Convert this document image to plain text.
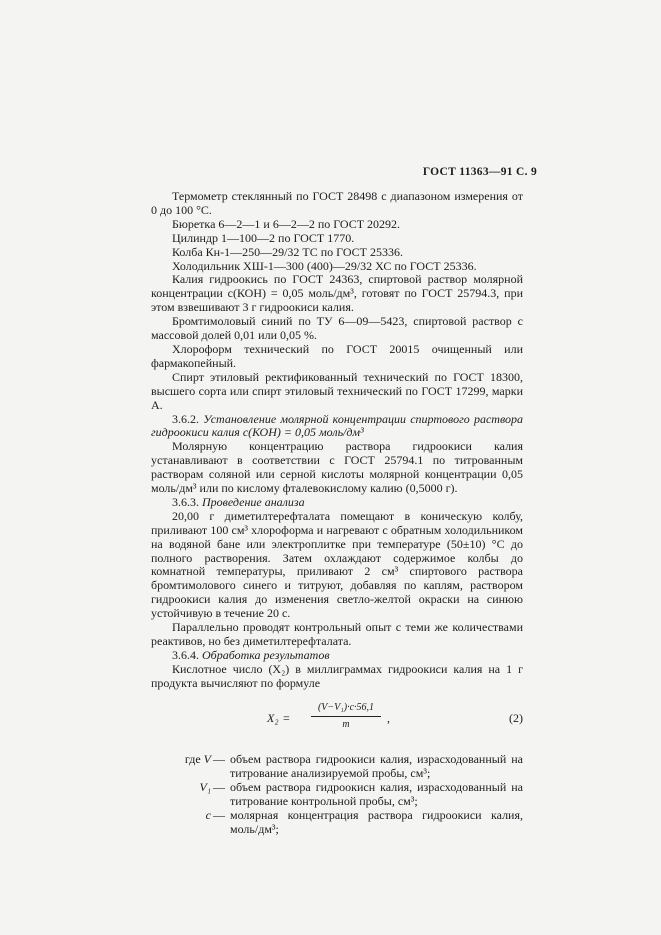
ГОСТ 11363—91 С. 9

Термометр стеклянный по ГОСТ 28498 с диапазоном измерения от 0 до 100 °С.

Бюретка 6—2—1 и 6—2—2 по ГОСТ 20292.

Цилиндр 1—100—2 по ГОСТ 1770.

Колба Кн-1—250—29/32 ТС по ГОСТ 25336.

Холодильник ХШ-1—300 (400)—29/32 ХС по ГОСТ 25336.

Калия гидроокись по ГОСТ 24363, спиртовой раствор молярной концентрации с(КОН) = 0,05 моль/дм³, готовят по ГОСТ 25794.3, при этом взвешивают 3 г гидроокиси калия.

Бромтимоловый синий по ТУ 6—09—5423, спиртовой раствор с массовой долей 0,01 или 0,05 %.

Хлороформ технический по ГОСТ 20015 очищенный или фармакопейный.

Спирт этиловый ректификованный технический по ГОСТ 18300, высшего сорта или спирт этиловый технический по ГОСТ 17299, марки А.

3.6.2. Установление молярной концентрации спиртового раствора гидроокиси калия с(КОН) = 0,05 моль/дм³

Молярную концентрацию раствора гидроокиси калия устанавливают в соответствии с ГОСТ 25794.1 по титрованным растворам соляной или серной кислоты молярной концентрации 0,05 моль/дм³ или по кислому фталевокислому калию (0,5000 г).

3.6.3. Проведение анализа

20,00 г диметилтерефталата помещают в коническую колбу, приливают 100 см³ хлороформа и нагревают с обратным холодильником на водяной бане или электроплитке при температуре (50±10) °С до полного растворения. Затем охлаждают содержимое колбы до комнатной температуры, приливают 2 см³ спиртового раствора бромтимолового синего и титруют, добавляя по каплям, раствором гидроокиси калия до изменения светло-желтой окраски на синюю устойчивую в течение 20 с.

Параллельно проводят контрольный опыт с теми же количествами реактивов, но без диметилтерефталата.

3.6.4. Обработка результатов

Кислотное число (X₂) в миллиграммах гидроокиси калия на 1 г продукта вычисляют по формуле

$X_2 = \frac{\text{(V−V₁)·c·56,1}}{m}$ ,	(2)
где V — объем раствора гидроокиси калия, израсходованный на титрование анализируемой пробы, см³;
V₁ — объем раствора гидроокисн калия, израсходованный на титрование контрольной пробы, см³;
c — молярная концентрация раствора гидроокиси калия, моль/дм³;
